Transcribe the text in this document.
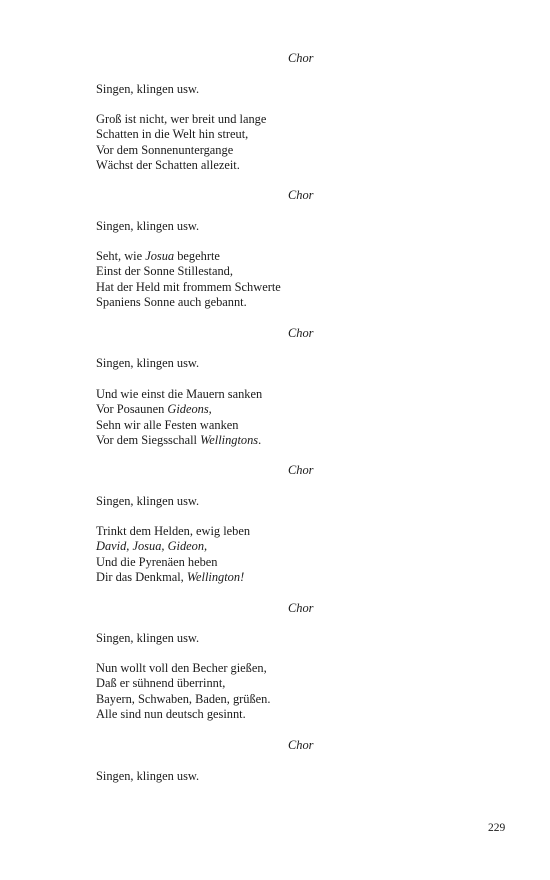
Chor

Singen, klingen usw.

Groß ist nicht, wer breit und lange
Schatten in die Welt hin streut,
Vor dem Sonnenuntergange
Wächst der Schatten allezeit.

Chor

Singen, klingen usw.

Seht, wie Josua begehrte
Einst der Sonne Stillestand,
Hat der Held mit frommem Schwerte
Spaniens Sonne auch gebannt.

Chor

Singen, klingen usw.

Und wie einst die Mauern sanken
Vor Posaunen Gideons,
Sehn wir alle Festen wanken
Vor dem Siegsschall Wellingtons.

Chor

Singen, klingen usw.

Trinkt dem Helden, ewig leben
David, Josua, Gideon,
Und die Pyrenäen heben
Dir das Denkmal, Wellington!

Chor

Singen, klingen usw.

Nun wollt voll den Becher gießen,
Daß er sühnend überrinnt,
Bayern, Schwaben, Baden, grüßen.
Alle sind nun deutsch gesinnt.

Chor

Singen, klingen usw.

229
